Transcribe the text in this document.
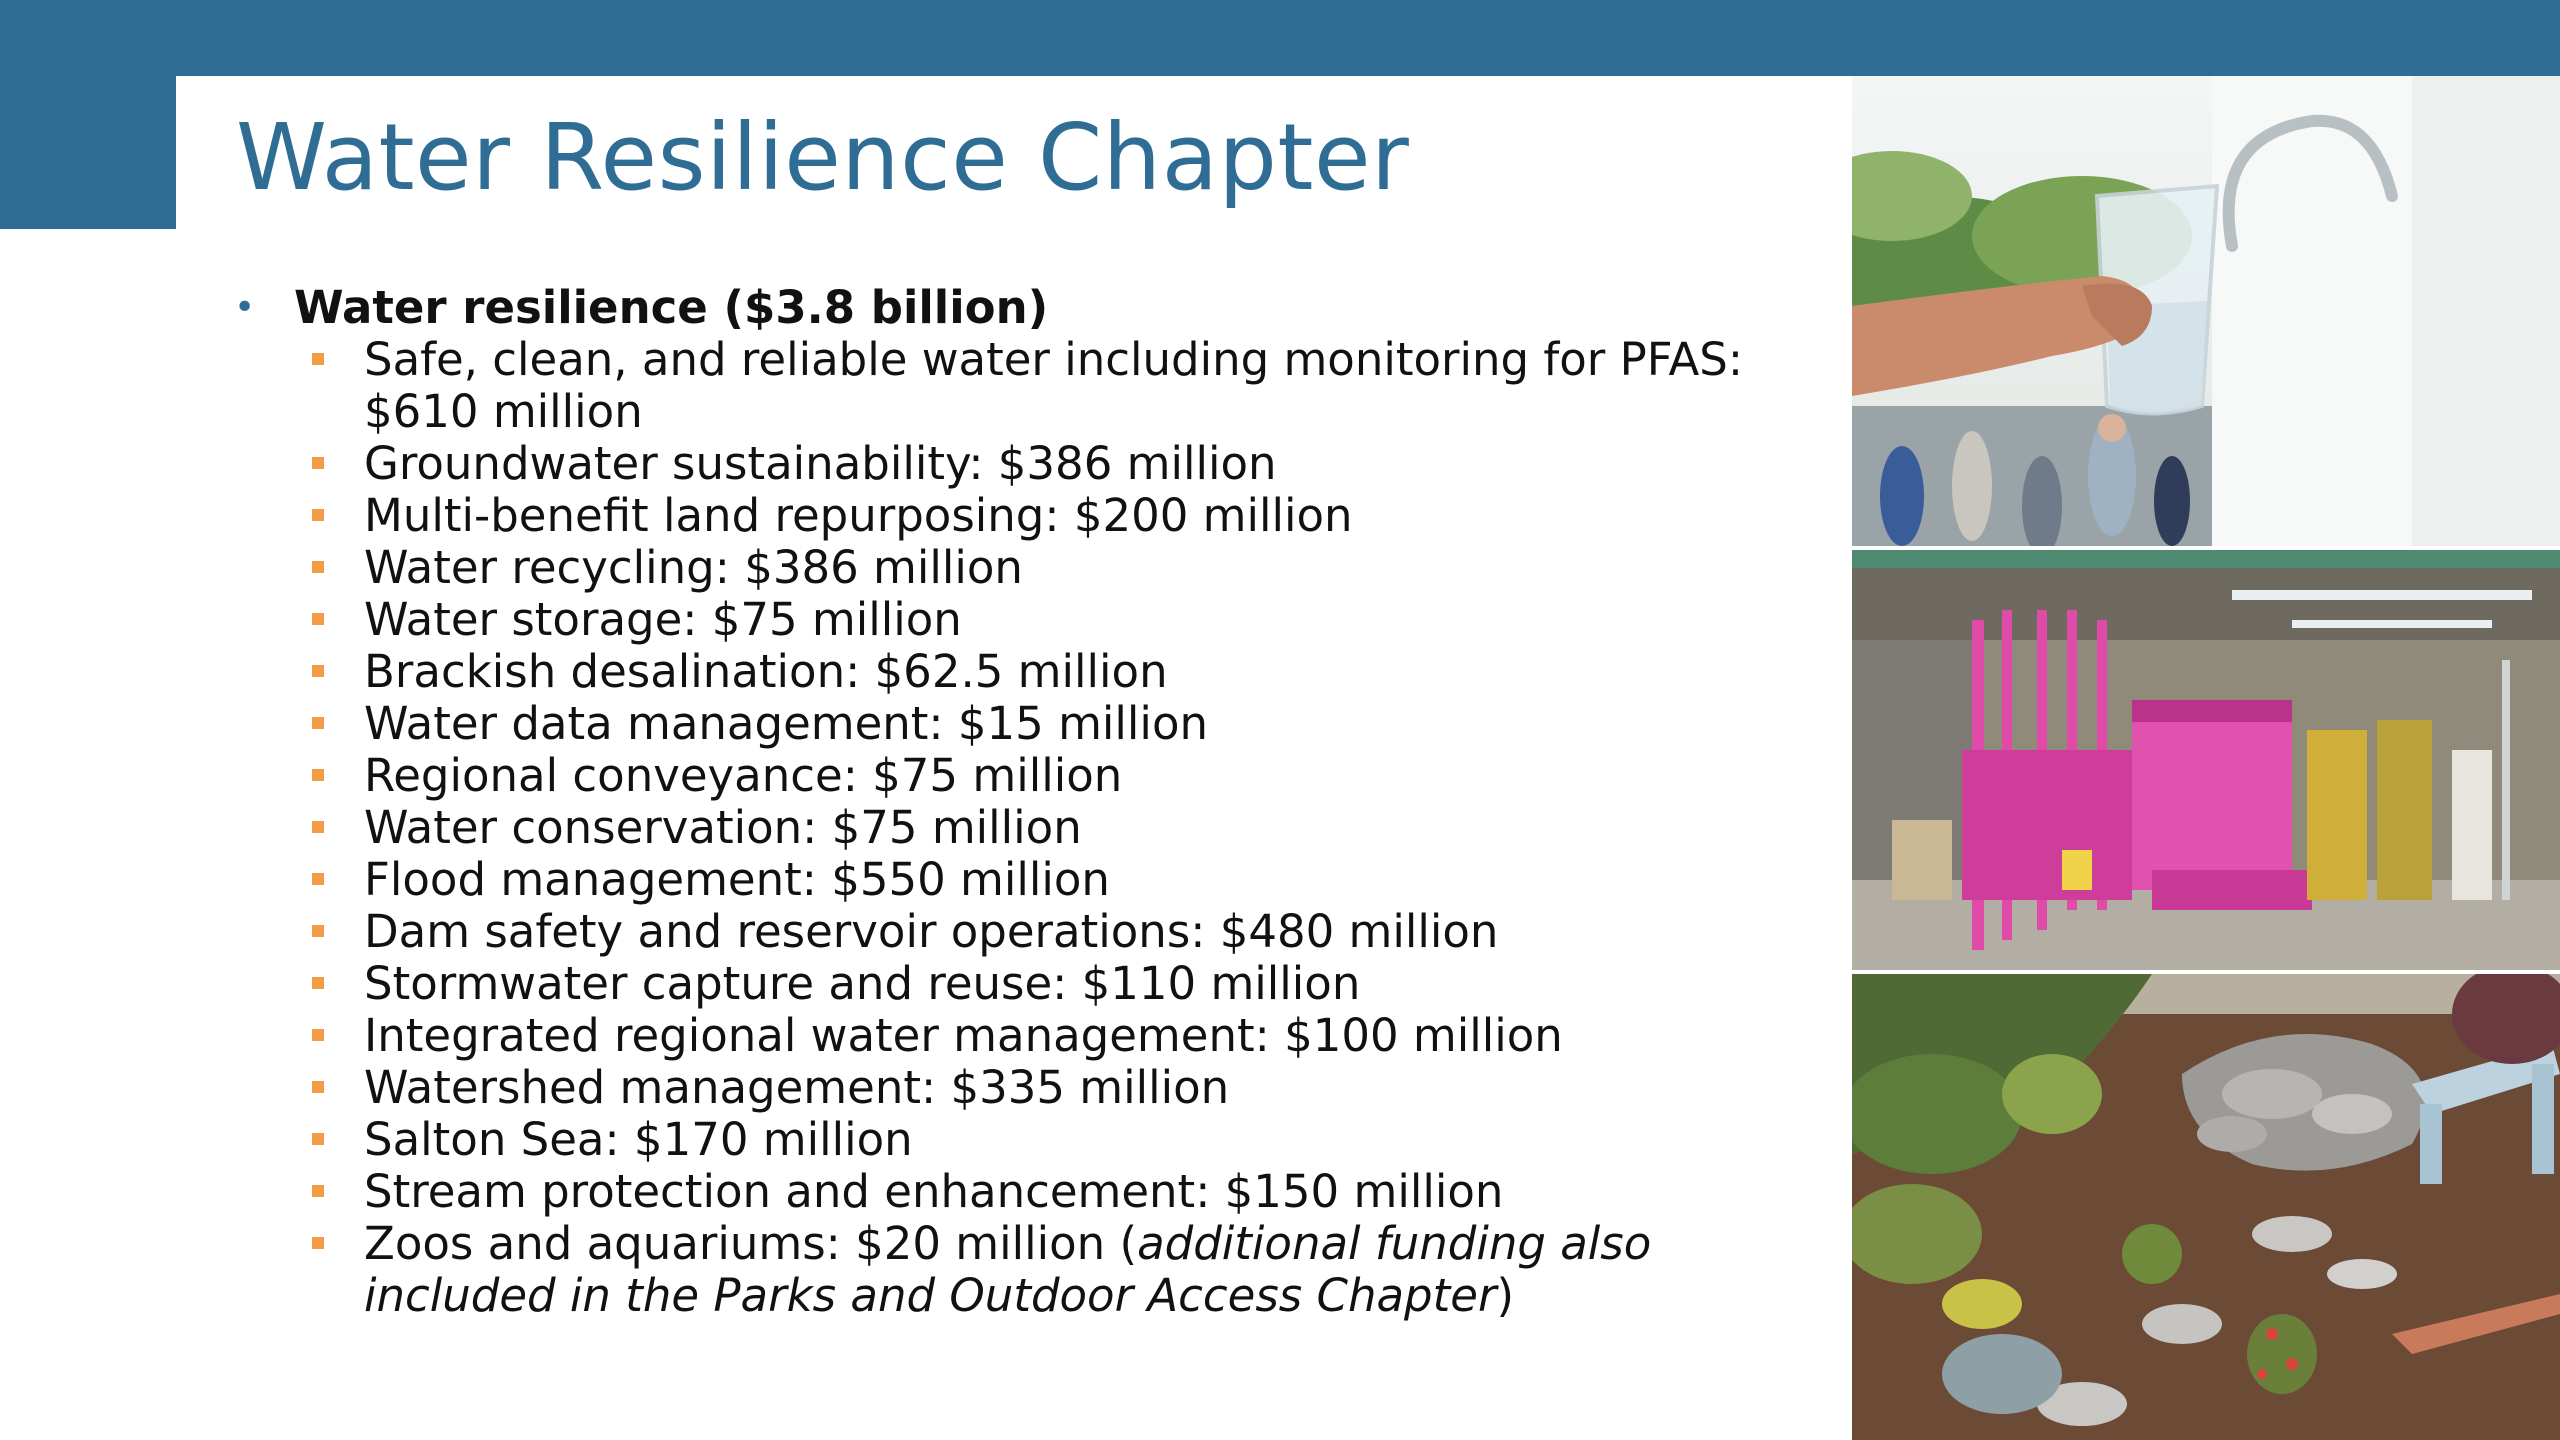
Water Resilience Chapter
• Water resilience ($3.8 billion)
Safe, clean, and reliable water including monitoring for PFAS: $610 million
Groundwater sustainability: $386 million
Multi-benefit land repurposing: $200 million
Water recycling: $386 million
Water storage: $75 million
Brackish desalination: $62.5 million
Water data management: $15 million
Regional conveyance: $75 million
Water conservation: $75 million
Flood management: $550 million
Dam safety and reservoir operations: $480 million
Stormwater capture and reuse: $110 million
Integrated regional water management: $100 million
Watershed management: $335 million
Salton Sea: $170 million
Stream protection and enhancement: $150 million
Zoos and aquariums: $20 million (additional funding also included in the Parks and Outdoor Access Chapter)
